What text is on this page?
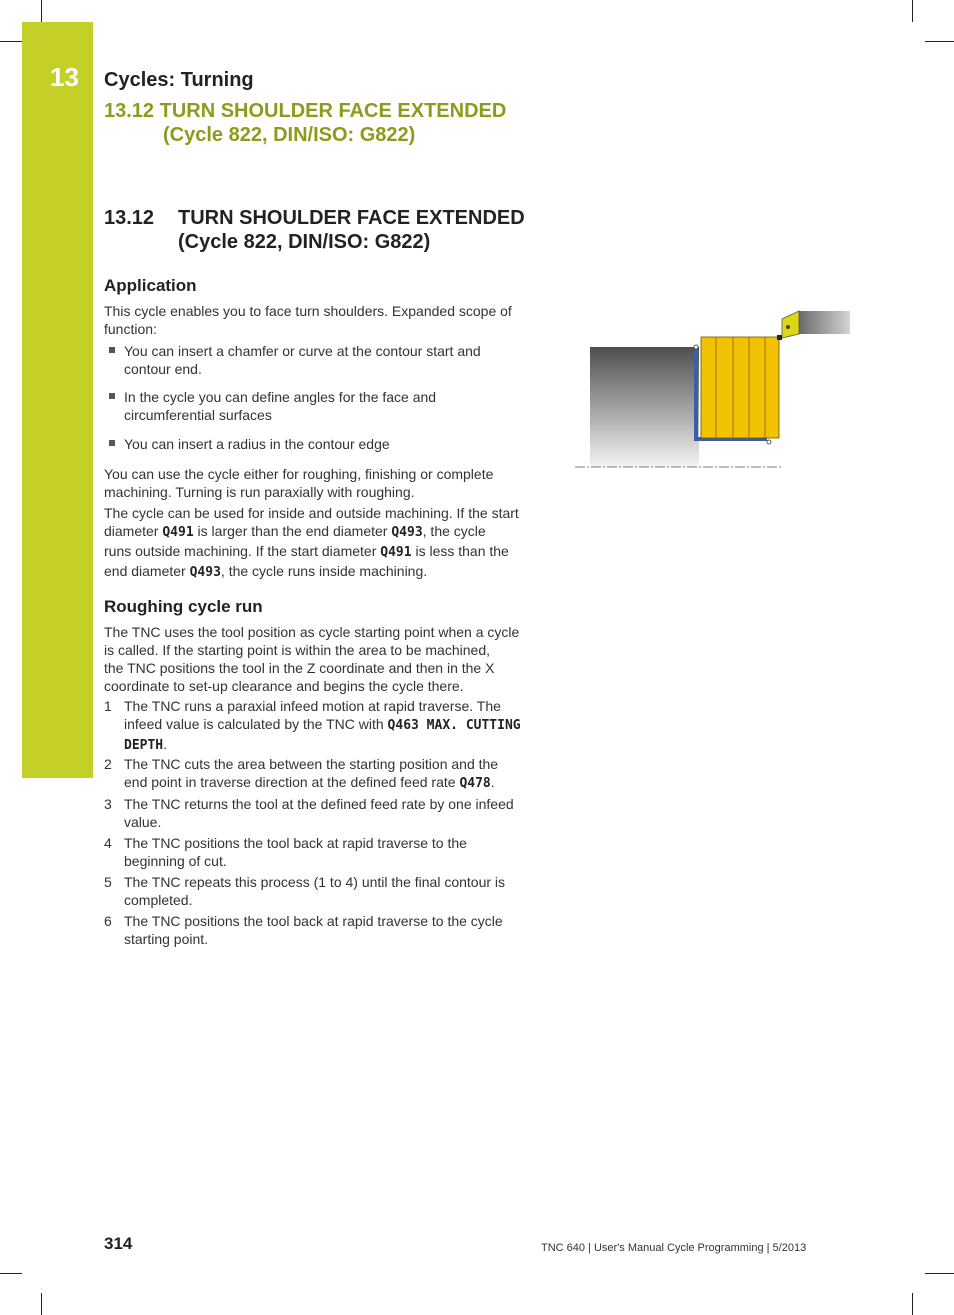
13 Cycles: Turning
13.12 TURN SHOULDER FACE EXTENDED
(Cycle 822, DIN/ISO: G822)
13.12 TURN SHOULDER FACE EXTENDED
(Cycle 822, DIN/ISO: G822)
Application
This cycle enables you to face turn shoulders. Expanded scope of
function:
You can insert a chamfer or curve at the contour start and
contour end.
In the cycle you can define angles for the face and
circumferential surfaces
You can insert a radius in the contour edge
You can use the cycle either for roughing, finishing or complete
machining. Turning is run paraxially with roughing.
The cycle can be used for inside and outside machining. If the start
diameter Q491 is larger than the end diameter Q493, the cycle
runs outside machining. If the start diameter Q491 is less than the
end diameter Q493, the cycle runs inside machining.
Roughing cycle run
The TNC uses the tool position as cycle starting point when a cycle
is called. If the starting point is within the area to be machined,
the TNC positions the tool in the Z coordinate and then in the X
coordinate to set-up clearance and begins the cycle there.
1 The TNC runs a paraxial infeed motion at rapid traverse. The
infeed value is calculated by the TNC with Q463 MAX. CUTTING
DEPTH.
2 The TNC cuts the area between the starting position and the
end point in traverse direction at the defined feed rate Q478.
3 The TNC returns the tool at the defined feed rate by one infeed
value.
4 The TNC positions the tool back at rapid traverse to the
beginning of cut.
5 The TNC repeats this process (1 to 4) until the final contour is
completed.
6 The TNC positions the tool back at rapid traverse to the cycle
starting point.
314	TNC 640 | User's Manual Cycle Programming | 5/2013
